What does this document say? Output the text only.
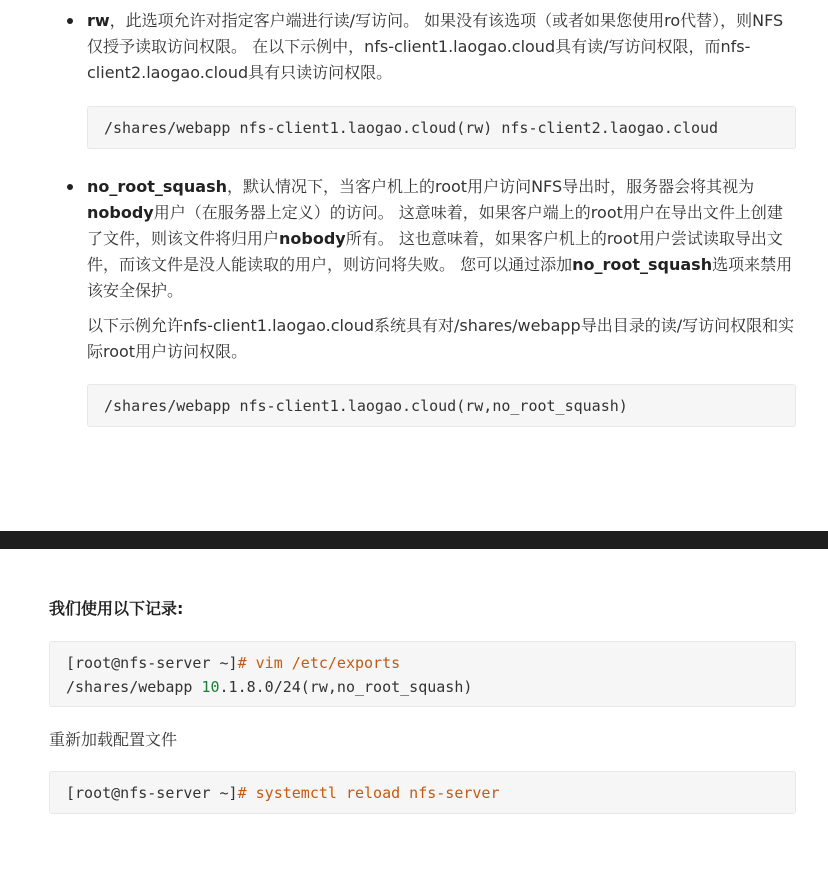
rw，此选项允许对指定客户端进行读/写访问。 如果没有该选项（或者如果您使用ro代替），则NFS仅授予读取访问权限。 在以下示例中，nfs-client1.laogao.cloud具有读/写访问权限，而nfs-client2.laogao.cloud具有只读访问权限。

/shares/webapp nfs-client1.laogao.cloud(rw) nfs-client2.laogao.cloud

no_root_squash，默认情况下，当客户机上的root用户访问NFS导出时，服务器会将其视为nobody用户（在服务器上定义）的访问。 这意味着，如果客户端上的root用户在导出文件上创建了文件，则该文件将归用户nobody所有。 这也意味着，如果客户机上的root用户尝试读取导出文件，而该文件是没人能读取的用户，则访问将失败。 您可以通过添加no_root_squash选项来禁用该安全保护。

以下示例允许nfs-client1.laogao.cloud系统具有对/shares/webapp导出目录的读/写访问权限和实际root用户访问权限。

/shares/webapp nfs-client1.laogao.cloud(rw,no_root_squash)

我们使用以下记录:

[root@nfs-server ~]# vim /etc/exports
/shares/webapp 10.1.8.0/24(rw,no_root_squash)

重新加载配置文件

[root@nfs-server ~]# systemctl reload nfs-server
